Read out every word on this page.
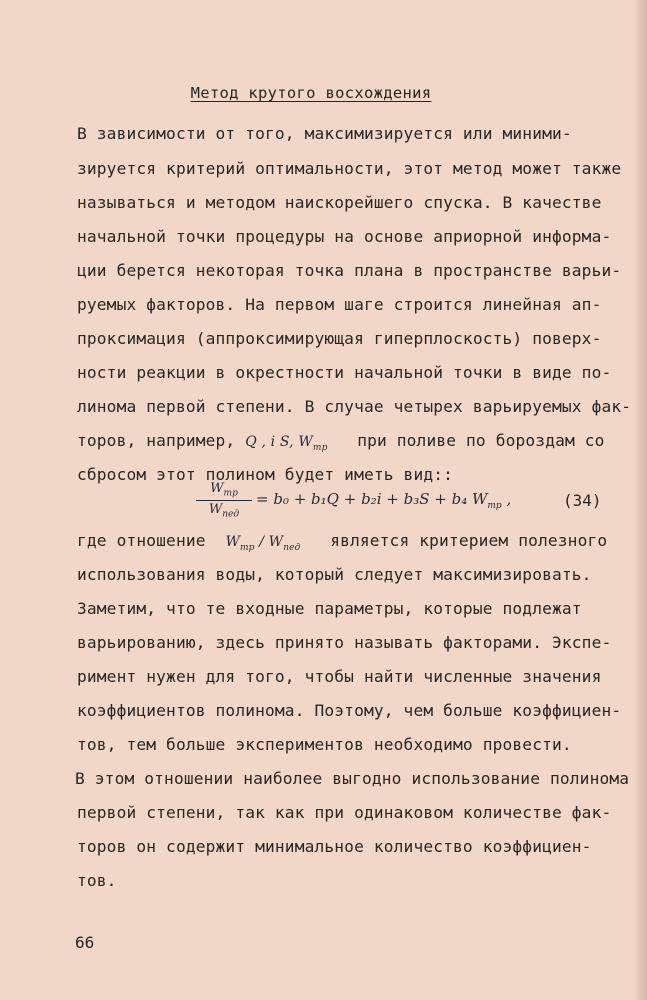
Метод крутого восхождения
В зависимости от того, максимизируется или миними-
зируется критерий оптимальности, этот метод может также
называться и методом наискорейшего спуска. В качестве
начальной точки процедуры на основе априорной информа-
ции берется некоторая точка плана в пространстве варьи-
руемых факторов. На первом шаге строится линейная ап-
проксимация (аппроксимирующая гиперплоскость) поверх-
ности реакции в окрестности начальной точки в виде по-
линома первой степени. В случае четырех варьируемых фак-
торов, например, Q , i S, $W_{тр}$ при поливе по бороздам со
сбросом этот полином будет иметь вид::
$W_{тр}$
$W_{пед}$
= b₀ + b₁Q + b₂i + b₃S + b₄ $W_{тр}$ ,	(34)
где отношение $W_{тр} / W_{пед}$ является критерием полезного
использования воды, который следует максимизировать.
Заметим, что те входные параметры, которые подлежат
варьированию, здесь принято называть факторами. Экспе-
римент нужен для того, чтобы найти численные значения
коэффициентов полинома. Поэтому, чем больше коэффициен-
тов, тем больше экспериментов необходимо провести.
В этом отношении наиболее выгодно использование полинома
первой степени, так как при одинаковом количестве фак-
торов он содержит минимальное количество коэффициен-
тов.
66
